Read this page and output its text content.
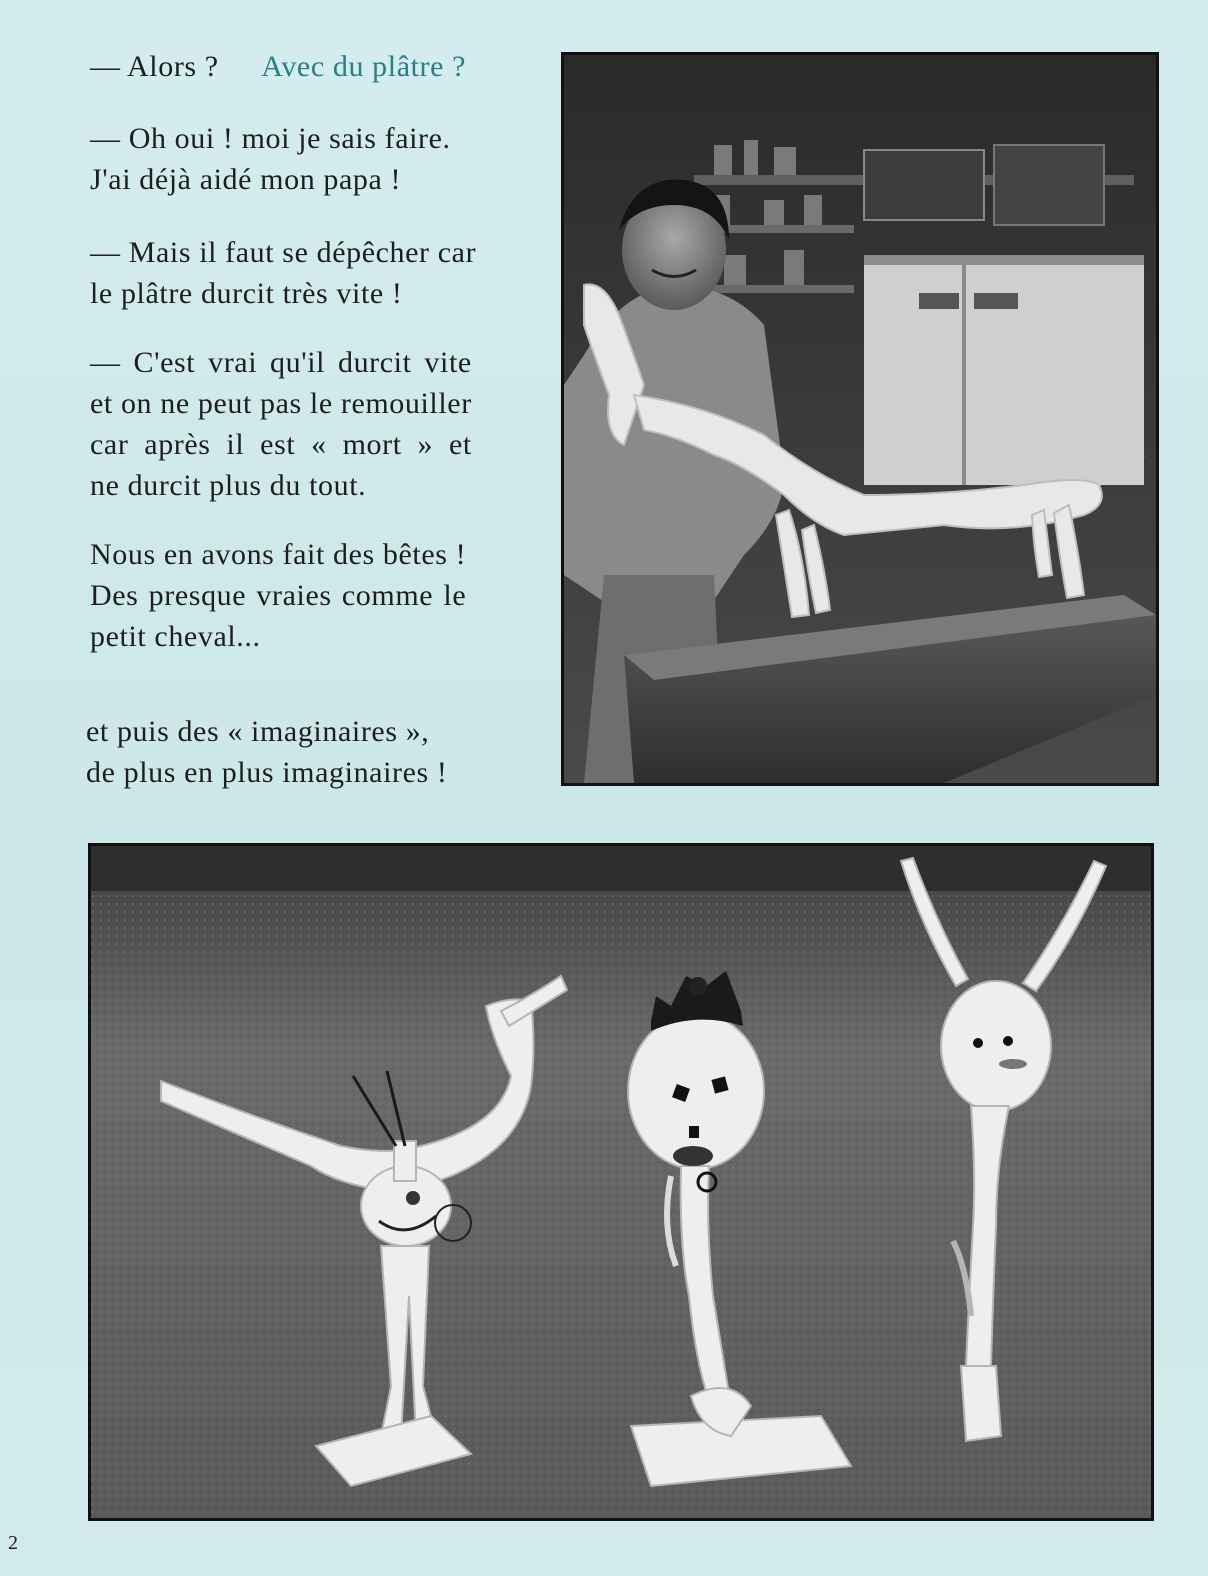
— Alors ? Avec du plâtre ?

— Oh oui ! moi je sais faire.
J'ai déjà aidé mon papa !

— Mais il faut se dépêcher car
le plâtre durcit très vite !

— C'est vrai qu'il durcit vite
et on ne peut pas le remouiller
car après il est « mort » et
ne durcit plus du tout.

Nous en avons fait des bêtes !
Des presque vraies comme le
petit cheval...

et puis des « imaginaires »,
de plus en plus imaginaires !

2
